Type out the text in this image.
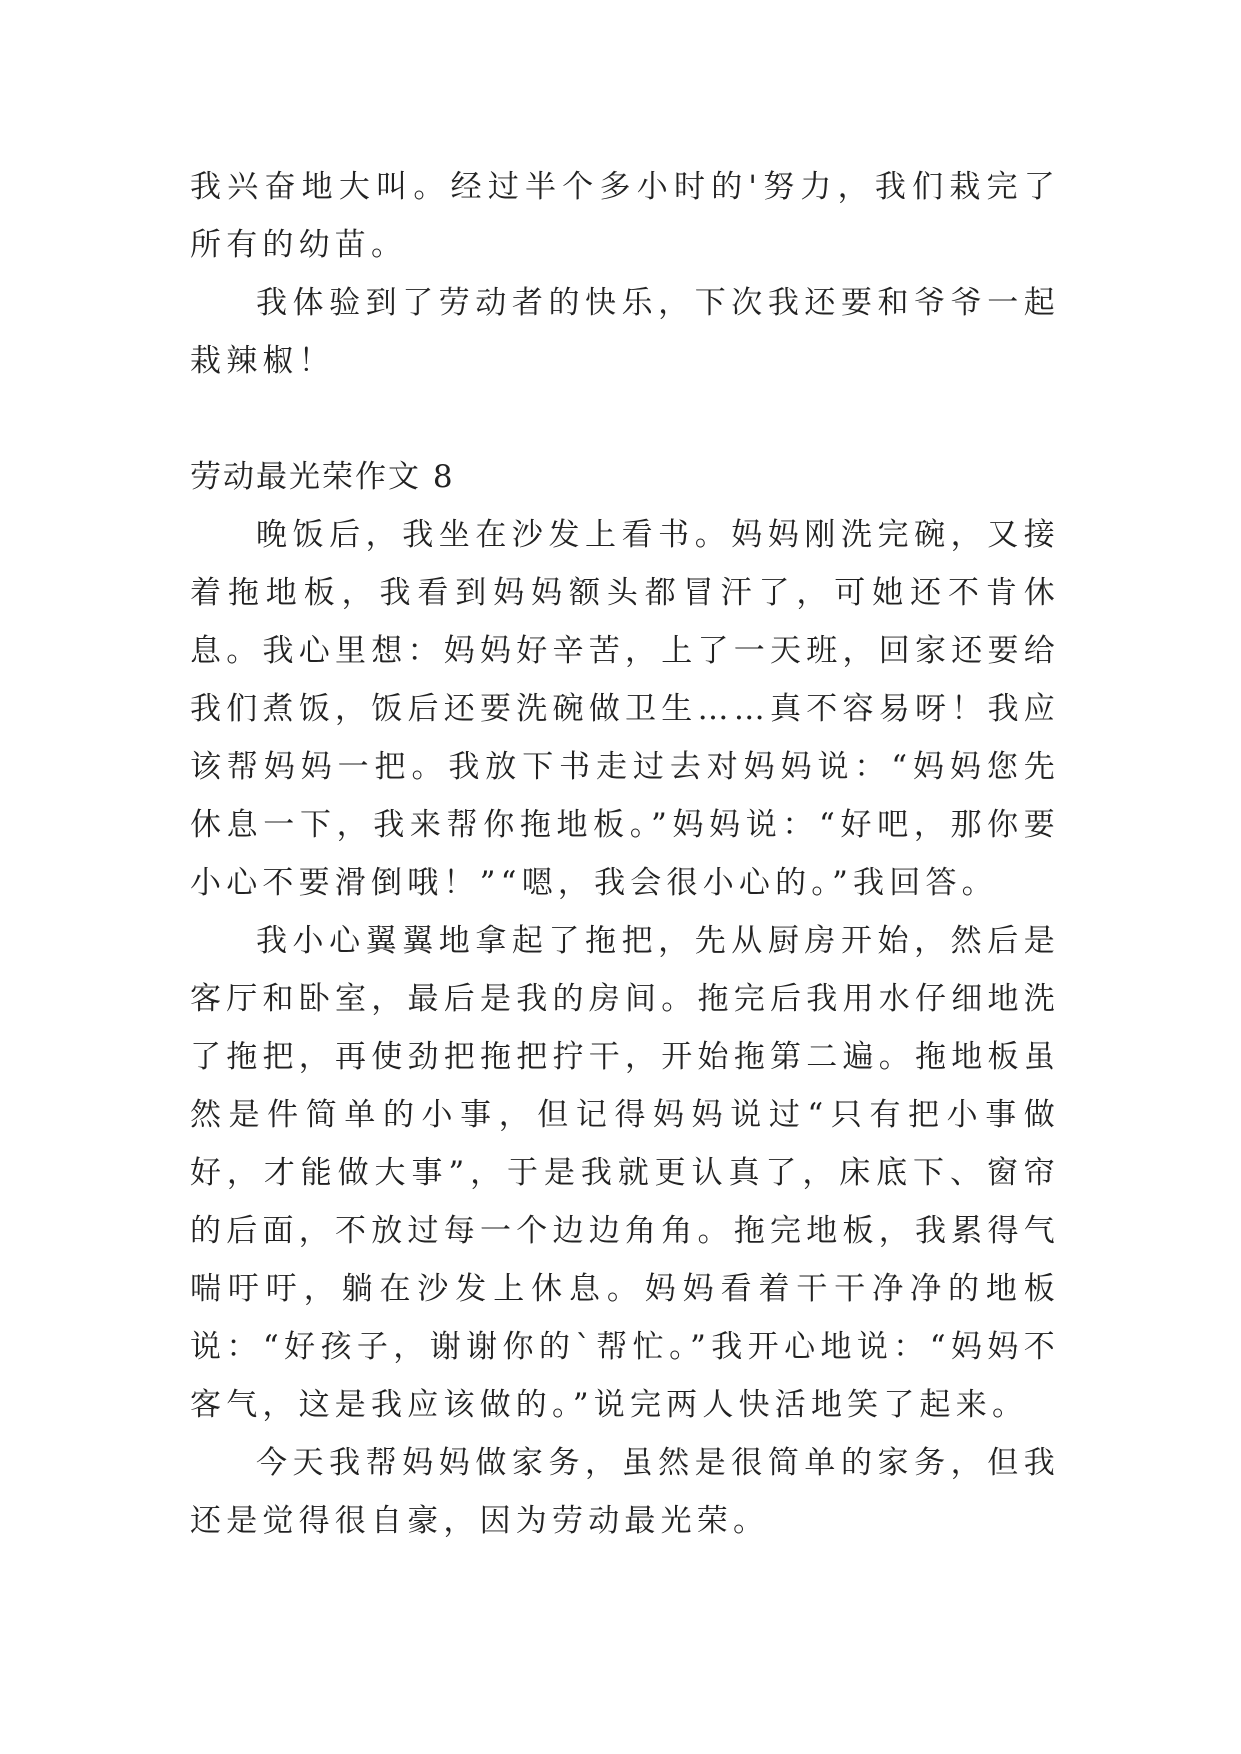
我兴奋地大叫。经过半个多小时的'努力，我们栽完了所有的幼苗。

我体验到了劳动者的快乐，下次我还要和爷爷一起栽辣椒！

劳动最光荣作文 8

晚饭后，我坐在沙发上看书。妈妈刚洗完碗，又接着拖地板，我看到妈妈额头都冒汗了，可她还不肯休息。我心里想：妈妈好辛苦，上了一天班，回家还要给我们煮饭，饭后还要洗碗做卫生……真不容易呀！我应该帮妈妈一把。我放下书走过去对妈妈说：“妈妈您先休息一下，我来帮你拖地板。”妈妈说：“好吧，那你要小心不要滑倒哦！”“嗯，我会很小心的。”我回答。

我小心翼翼地拿起了拖把，先从厨房开始，然后是客厅和卧室，最后是我的房间。拖完后我用水仔细地洗了拖把，再使劲把拖把拧干，开始拖第二遍。拖地板虽然是件简单的小事，但记得妈妈说过“只有把小事做好，才能做大事”，于是我就更认真了，床底下、窗帘的后面，不放过每一个边边角角。拖完地板，我累得气喘吁吁，躺在沙发上休息。妈妈看着干干净净的地板说：“好孩子，谢谢你的`帮忙。”我开心地说：“妈妈不客气，这是我应该做的。”说完两人快活地笑了起来。

今天我帮妈妈做家务，虽然是很简单的家务，但我还是觉得很自豪，因为劳动最光荣。
